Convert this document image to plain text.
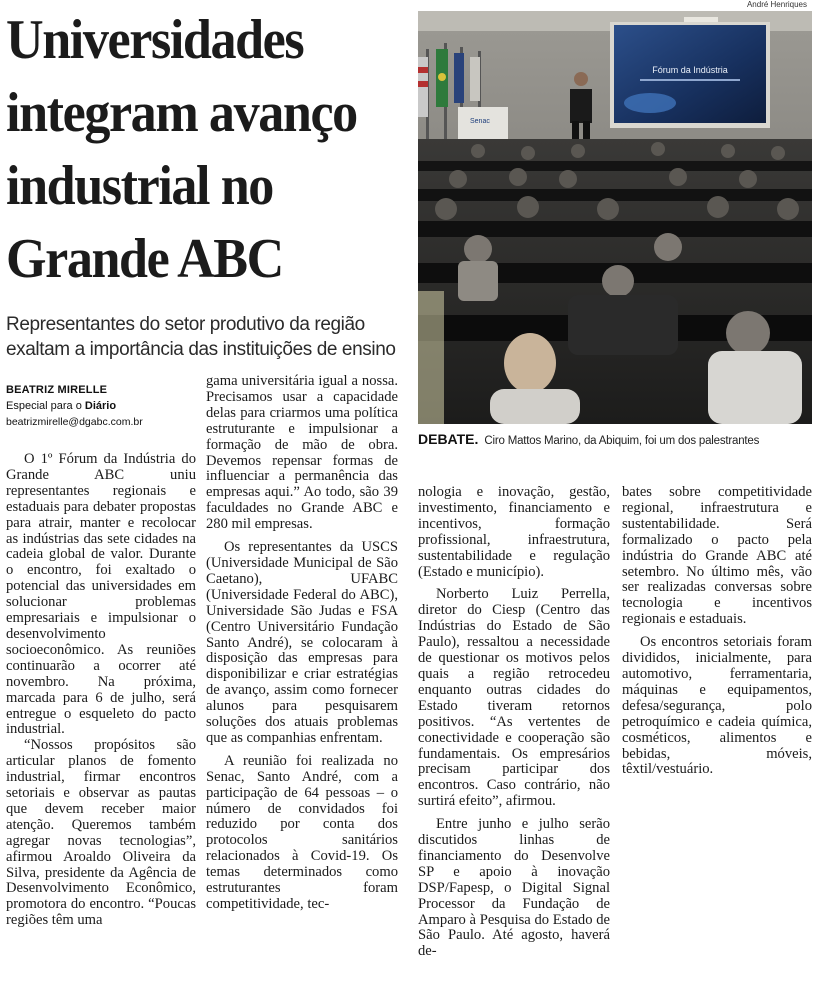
Universidades
integram avanço
industrial no
Grande ABC
Representantes do setor produtivo da região
exaltam a importância das instituições de ensino
André Henriques
Fórum da Indústria
Senac
DEBATE. Ciro Mattos Marino, da Abiquim, foi um dos palestrantes
BEATRIZ MIRELLE
Especial para o Diário
beatrizmirelle@dgabc.com.br

O 1º Fórum da Indústria do Grande ABC uniu representantes regionais e estaduais para debater propostas para atrair, manter e recolocar as indústrias das sete cidades na cadeia global de valor. Durante o encontro, foi exaltado o potencial das universidades em solucionar problemas empresariais e impulsionar o desenvolvimento socioeconômico. As reuniões continuarão a ocorrer até novembro. Na próxima, marcada para 6 de julho, será entregue o esqueleto do pacto industrial.

“Nossos propósitos são articular planos de fomento industrial, firmar encontros setoriais e observar as pautas que devem receber maior atenção. Queremos também agregar novas tecnologias”, afirmou Aroaldo Oliveira da Silva, presidente da Agência de Desenvolvimento Econômico, promotora do encontro. “Poucas regiões têm uma

gama universitária igual a nossa. Precisamos usar a capacidade delas para criarmos uma política estruturante e impulsionar a formação de mão de obra. Devemos repensar formas de influenciar a permanência das empresas aqui.” Ao todo, são 39 faculdades no Grande ABC e 280 mil empresas.

Os representantes da USCS (Universidade Municipal de São Caetano), UFABC (Universidade Federal do ABC), Universidade São Judas e FSA (Centro Universitário Fundação Santo André), se colocaram à disposição das empresas para disponibilizar e criar estratégias de avanço, assim como fornecer alunos para pesquisarem soluções dos atuais problemas que as companhias enfrentam.

A reunião foi realizada no Senac, Santo André, com a participação de 64 pessoas – o número de convidados foi reduzido por conta dos protocolos sanitários relacionados à Covid-19. Os temas determinados como estruturantes foram competitividade, tec-

nologia e inovação, gestão, investimento, financiamento e incentivos, formação profissional, infraestrutura, sustentabilidade e regulação (Estado e município).

Norberto Luiz Perrella, diretor do Ciesp (Centro das Indústrias do Estado de São Paulo), ressaltou a necessidade de questionar os motivos pelos quais a região retrocedeu enquanto outras cidades do Estado tiveram retornos positivos. “As vertentes de conectividade e cooperação são fundamentais. Os empresários precisam participar dos encontros. Caso contrário, não surtirá efeito”, afirmou.

Entre junho e julho serão discutidos linhas de financiamento do Desenvolve SP e apoio à inovação DSP/Fapesp, o Digital Signal Processor da Fundação de Amparo à Pesquisa do Estado de São Paulo. Até agosto, haverá de-

bates sobre competitividade regional, infraestrutura e sustentabilidade. Será formalizado o pacto pela indústria do Grande ABC até setembro. No último mês, vão ser realizadas conversas sobre tecnologia e incentivos regionais e estaduais.

Os encontros setoriais foram divididos, inicialmente, para automotivo, ferramentaria, máquinas e equipamentos, defesa/segurança, polo petroquímico e cadeia química, cosméticos, alimentos e bebidas, móveis, têxtil/vestuário.
